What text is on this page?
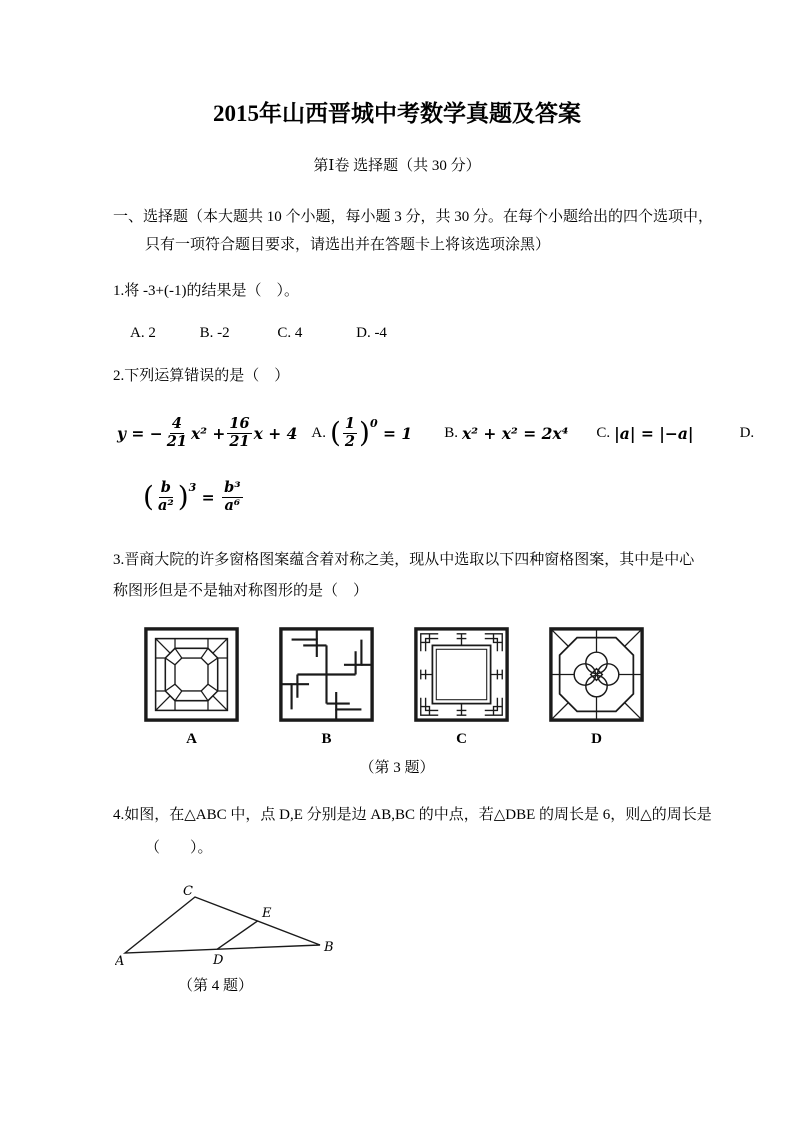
2015年山西晋城中考数学真题及答案
第Ⅰ卷 选择题（共 30 分）
一、选择题（本大题共 10 个小题，每小题 3 分，共 30 分。在每个小题给出的四个选项中，
只有一项符合题目要求，请选出并在答题卡上将该选项涂黑）
1.将 -3+(-1)的结果是（　）。
A. 2	B. -2	C. 4	D. -4
2.下列运算错误的是（　）
y = − $\frac{4}{21} x^2 + \frac{16}{21}$ x + 4 A. ( $\frac{1}{2}$ ) 0
= 1 B. x² + x² = 2x⁴ C. |a| = |−a|	D.
( $\frac{b}{\text{a²}}$ ) 3
= $\frac{\text{b³}}{\text{a⁶}}$
3.晋商大院的许多窗格图案蕴含着对称之美，现从中选取以下四种窗格图案，其中是中心
称图形但是不是轴对称图形的是（　）
A	B	C	D
（第 3 题）
4.如图，在△ABC 中，点 D,E 分别是边 AB,BC 的中点，若△DBE 的周长是 6，则△的周长是
（　　）。
C
E
A	D
B
（第 4 题）
